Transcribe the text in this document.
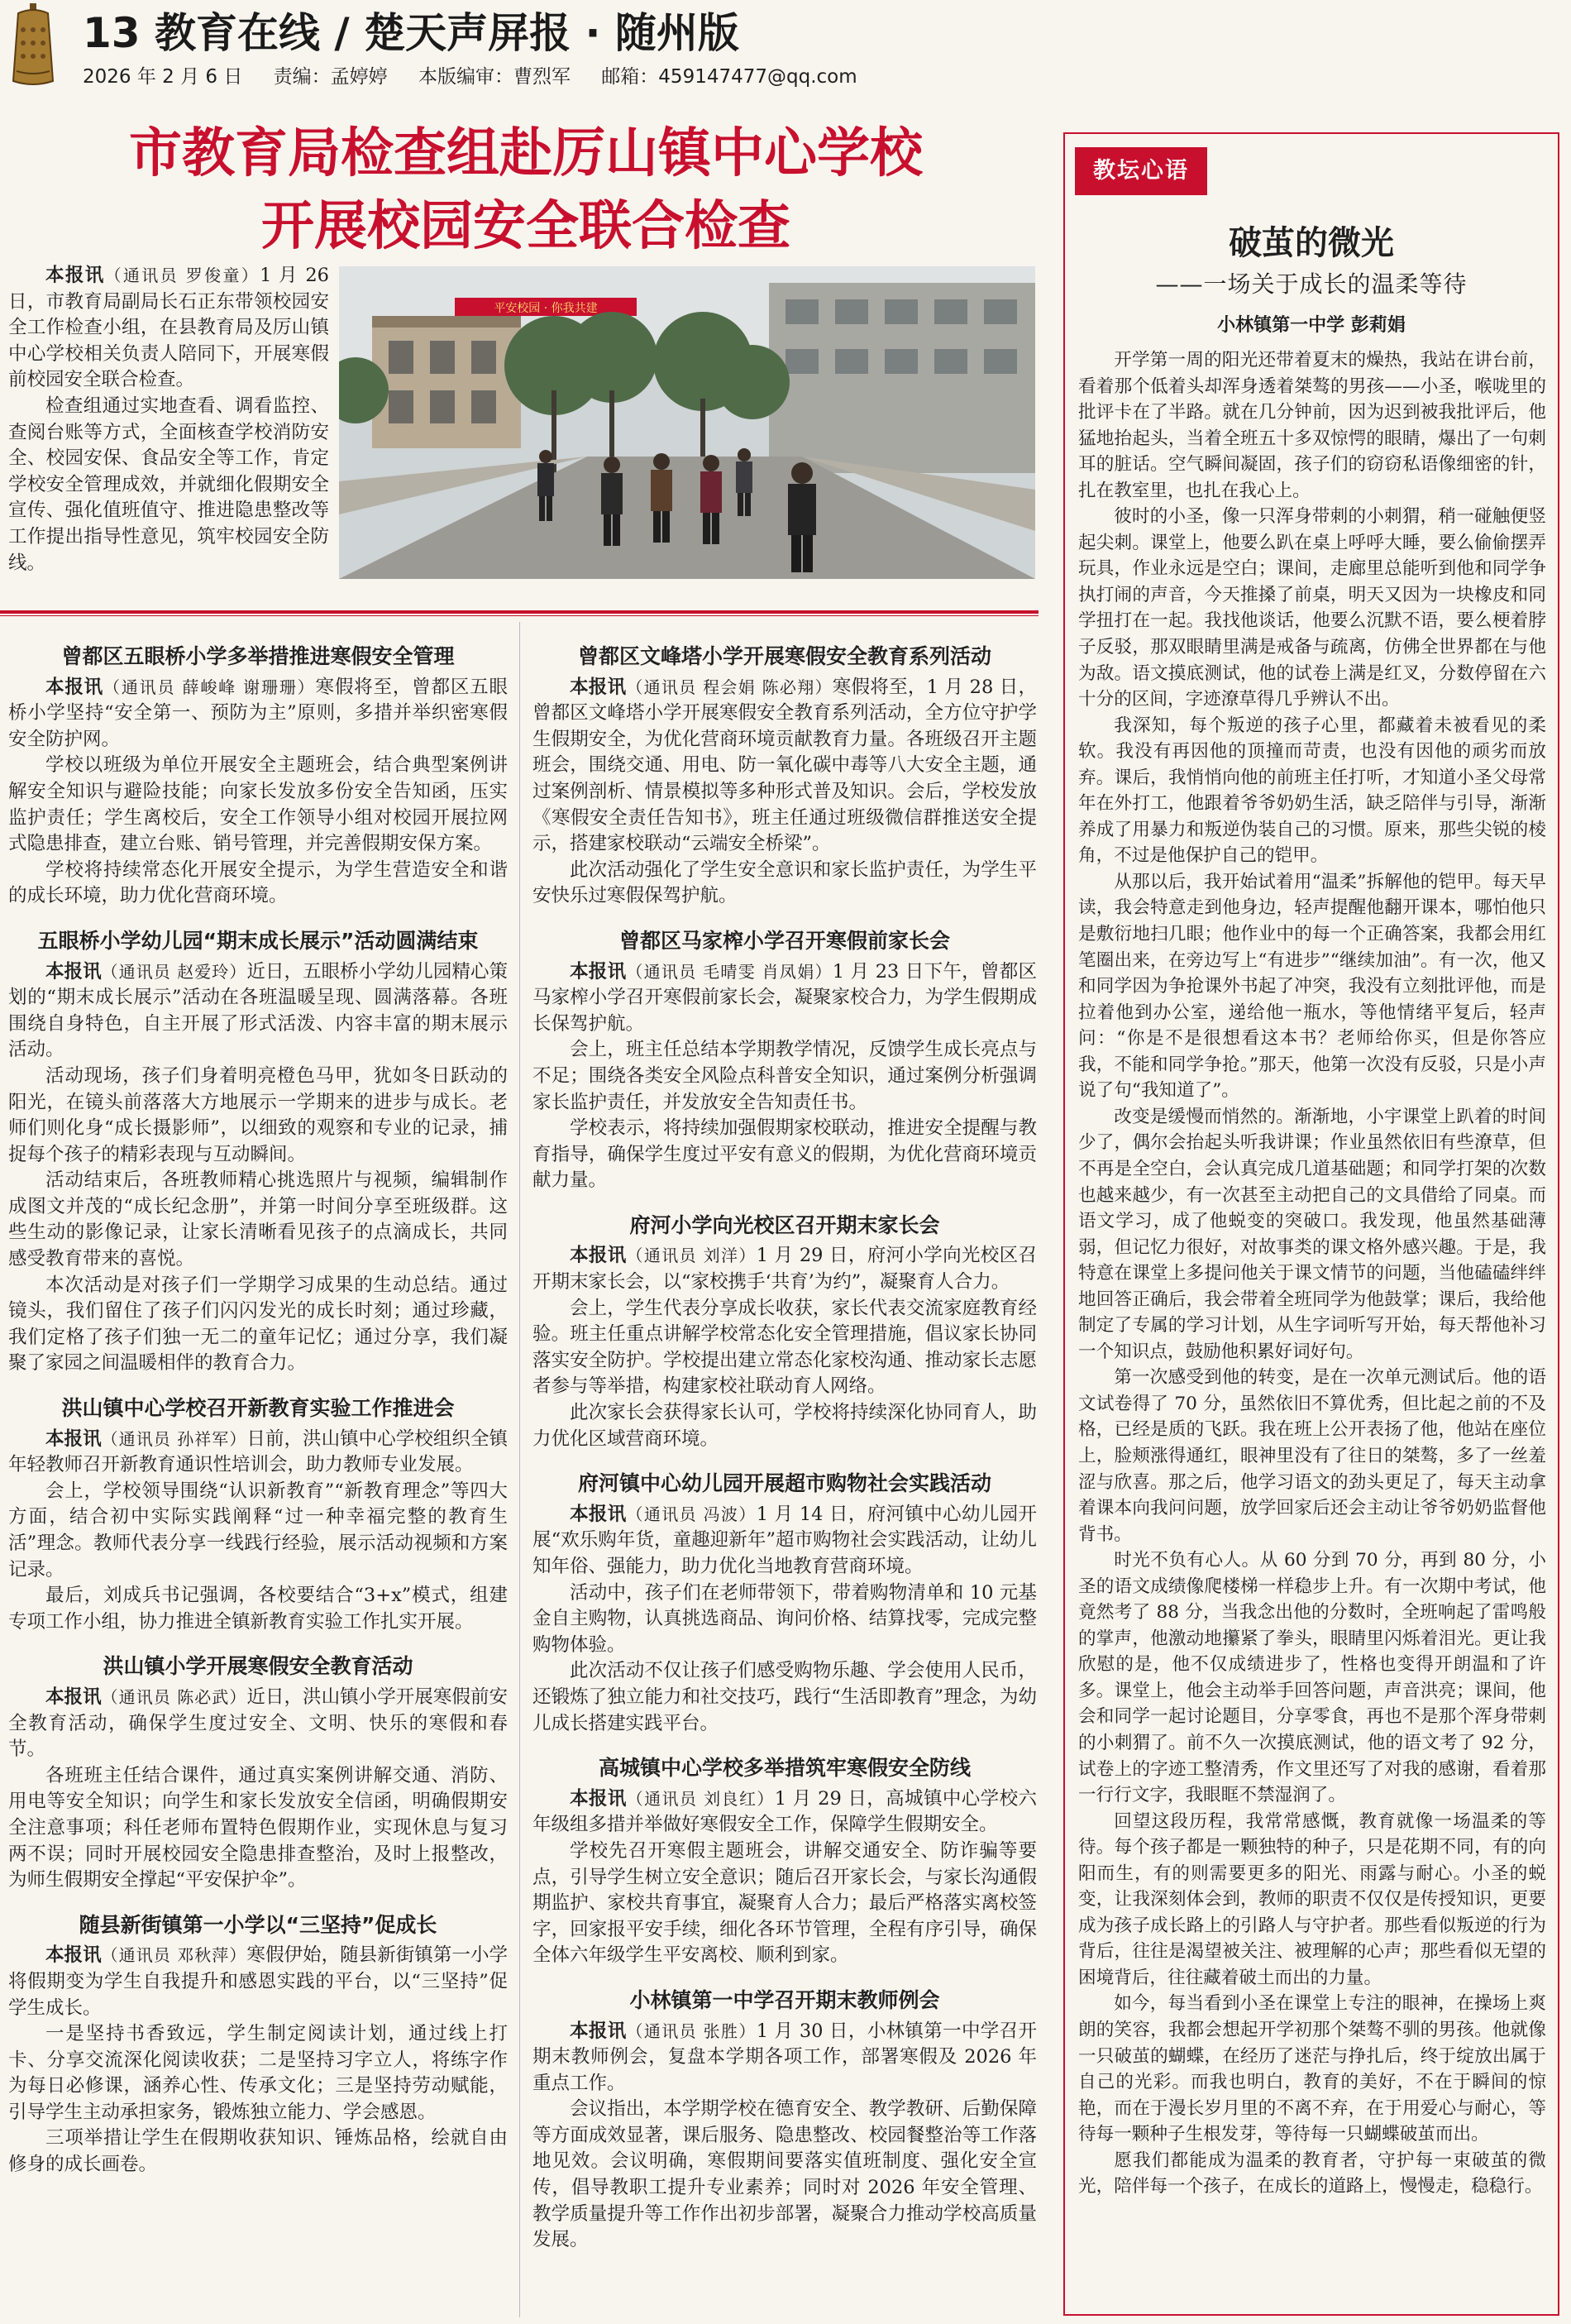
13 教育在线 / 楚天声屏报 · 随州版
2026 年 2 月 6 日 责编：孟婷婷 本版编审：曹烈军 邮箱：459147477@qq.com
市教育局检查组赴厉山镇中心学校
开展校园安全联合检查

本报讯（通讯员 罗俊童）1 月 26 日，市教育局副局长石正东带领校园安全工作检查小组，在县教育局及厉山镇中心学校相关负责人陪同下，开展寒假前校园安全联合检查。

检查组通过实地查看、调看监控、查阅台账等方式，全面核查学校消防安全、校园安保、食品安全等工作，肯定学校安全管理成效，并就细化假期安全宣传、强化值班值守、推进隐患整改等工作提出指导性意见，筑牢校园安全防线。

平安校园 · 你我共建

曾都区五眼桥小学多举措推进寒假安全管理

本报讯（通讯员 薛峻峰 谢珊珊）寒假将至，曾都区五眼桥小学坚持“安全第一、预防为主”原则，多措并举织密寒假安全防护网。

学校以班级为单位开展安全主题班会，结合典型案例讲解安全知识与避险技能；向家长发放多份安全告知函，压实监护责任；学生离校后，安全工作领导小组对校园开展拉网式隐患排查，建立台账、销号管理，并完善假期安保方案。

学校将持续常态化开展安全提示，为学生营造安全和谐的成长环境，助力优化营商环境。

五眼桥小学幼儿园“期末成长展示”活动圆满结束

本报讯（通讯员 赵爱玲）近日，五眼桥小学幼儿园精心策划的“期末成长展示”活动在各班温暖呈现、圆满落幕。各班围绕自身特色，自主开展了形式活泼、内容丰富的期末展示活动。

活动现场，孩子们身着明亮橙色马甲，犹如冬日跃动的阳光，在镜头前落落大方地展示一学期来的进步与成长。老师们则化身“成长摄影师”，以细致的观察和专业的记录，捕捉每个孩子的精彩表现与互动瞬间。

活动结束后，各班教师精心挑选照片与视频，编辑制作成图文并茂的“成长纪念册”，并第一时间分享至班级群。这些生动的影像记录，让家长清晰看见孩子的点滴成长，共同感受教育带来的喜悦。

本次活动是对孩子们一学期学习成果的生动总结。通过镜头，我们留住了孩子们闪闪发光的成长时刻；通过珍藏，我们定格了孩子们独一无二的童年记忆；通过分享，我们凝聚了家园之间温暖相伴的教育合力。

洪山镇中心学校召开新教育实验工作推进会

本报讯（通讯员 孙祥军）日前，洪山镇中心学校组织全镇年轻教师召开新教育通识性培训会，助力教师专业发展。

会上，学校领导围绕“认识新教育”“新教育理念”等四大方面，结合初中实际实践阐释“过一种幸福完整的教育生活”理念。教师代表分享一线践行经验，展示活动视频和方案记录。

最后，刘成兵书记强调，各校要结合“3+x”模式，组建专项工作小组，协力推进全镇新教育实验工作扎实开展。

洪山镇小学开展寒假安全教育活动

本报讯（通讯员 陈必武）近日，洪山镇小学开展寒假前安全教育活动，确保学生度过安全、文明、快乐的寒假和春节。

各班班主任结合课件，通过真实案例讲解交通、消防、用电等安全知识；向学生和家长发放安全信函，明确假期安全注意事项；科任老师布置特色假期作业，实现休息与复习两不误；同时开展校园安全隐患排查整治，及时上报整改，为师生假期安全撑起“平安保护伞”。

随县新街镇第一小学以“三坚持”促成长

本报讯（通讯员 邓秋萍）寒假伊始，随县新街镇第一小学将假期变为学生自我提升和感恩实践的平台，以“三坚持”促学生成长。

一是坚持书香致远，学生制定阅读计划，通过线上打卡、分享交流深化阅读收获；二是坚持习字立人，将练字作为每日必修课，涵养心性、传承文化；三是坚持劳动赋能，引导学生主动承担家务，锻炼独立能力、学会感恩。

三项举措让学生在假期收获知识、锤炼品格，绘就自由修身的成长画卷。

曾都区文峰塔小学开展寒假安全教育系列活动

本报讯（通讯员 程会娟 陈必翔）寒假将至，1 月 28 日，曾都区文峰塔小学开展寒假安全教育系列活动，全方位守护学生假期安全，为优化营商环境贡献教育力量。各班级召开主题班会，围绕交通、用电、防一氧化碳中毒等八大安全主题，通过案例剖析、情景模拟等多种形式普及知识。会后，学校发放《寒假安全责任告知书》，班主任通过班级微信群推送安全提示，搭建家校联动“云端安全桥梁”。

此次活动强化了学生安全意识和家长监护责任，为学生平安快乐过寒假保驾护航。

曾都区马家榨小学召开寒假前家长会

本报讯（通讯员 毛晴雯 肖凤娟）1 月 23 日下午，曾都区马家榨小学召开寒假前家长会，凝聚家校合力，为学生假期成长保驾护航。

会上，班主任总结本学期教学情况，反馈学生成长亮点与不足；围绕各类安全风险点科普安全知识，通过案例分析强调家长监护责任，并发放安全告知责任书。

学校表示，将持续加强假期家校联动，推进安全提醒与教育指导，确保学生度过平安有意义的假期，为优化营商环境贡献力量。

府河小学向光校区召开期末家长会

本报讯（通讯员 刘洋）1 月 29 日，府河小学向光校区召开期末家长会，以“家校携手‘共育’为约”，凝聚育人合力。

会上，学生代表分享成长收获，家长代表交流家庭教育经验。班主任重点讲解学校常态化安全管理措施，倡议家长协同落实安全防护。学校提出建立常态化家校沟通、推动家长志愿者参与等举措，构建家校社联动育人网络。

此次家长会获得家长认可，学校将持续深化协同育人，助力优化区域营商环境。

府河镇中心幼儿园开展超市购物社会实践活动

本报讯（通讯员 冯波）1 月 14 日，府河镇中心幼儿园开展“欢乐购年货，童趣迎新年”超市购物社会实践活动，让幼儿知年俗、强能力，助力优化当地教育营商环境。

活动中，孩子们在老师带领下，带着购物清单和 10 元基金自主购物，认真挑选商品、询问价格、结算找零，完成完整购物体验。

此次活动不仅让孩子们感受购物乐趣、学会使用人民币，还锻炼了独立能力和社交技巧，践行“生活即教育”理念，为幼儿成长搭建实践平台。

高城镇中心学校多举措筑牢寒假安全防线

本报讯（通讯员 刘良红）1 月 29 日，高城镇中心学校六年级组多措并举做好寒假安全工作，保障学生假期安全。

学校先召开寒假主题班会，讲解交通安全、防诈骗等要点，引导学生树立安全意识；随后召开家长会，与家长沟通假期监护、家校共育事宜，凝聚育人合力；最后严格落实离校签字，回家报平安手续，细化各环节管理，全程有序引导，确保全体六年级学生平安离校、顺利到家。

小林镇第一中学召开期末教师例会

本报讯（通讯员 张胜）1 月 30 日，小林镇第一中学召开期末教师例会，复盘本学期各项工作，部署寒假及 2026 年重点工作。

会议指出，本学期学校在德育安全、教学教研、后勤保障等方面成效显著，课后服务、隐患整改、校园餐整治等工作落地见效。会议明确，寒假期间要落实值班制度、强化安全宣传，倡导教职工提升专业素养；同时对 2026 年安全管理、教学质量提升等工作作出初步部署，凝聚合力推动学校高质量发展。

教坛心语
破茧的微光
——一场关于成长的温柔等待
小林镇第一中学 彭莉娟

开学第一周的阳光还带着夏末的燥热，我站在讲台前，看着那个低着头却浑身透着桀骜的男孩——小圣，喉咙里的批评卡在了半路。就在几分钟前，因为迟到被我批评后，他猛地抬起头，当着全班五十多双惊愕的眼睛，爆出了一句刺耳的脏话。空气瞬间凝固，孩子们的窃窃私语像细密的针，扎在教室里，也扎在我心上。

彼时的小圣，像一只浑身带刺的小刺猬，稍一碰触便竖起尖刺。课堂上，他要么趴在桌上呼呼大睡，要么偷偷摆弄玩具，作业永远是空白；课间，走廊里总能听到他和同学争执打闹的声音，今天推搡了前桌，明天又因为一块橡皮和同学扭打在一起。我找他谈话，他要么沉默不语，要么梗着脖子反驳，那双眼睛里满是戒备与疏离，仿佛全世界都在与他为敌。语文摸底测试，他的试卷上满是红叉，分数停留在六十分的区间，字迹潦草得几乎辨认不出。

我深知，每个叛逆的孩子心里，都藏着未被看见的柔软。我没有再因他的顶撞而苛责，也没有因他的顽劣而放弃。课后，我悄悄向他的前班主任打听，才知道小圣父母常年在外打工，他跟着爷爷奶奶生活，缺乏陪伴与引导，渐渐养成了用暴力和叛逆伪装自己的习惯。原来，那些尖锐的棱角，不过是他保护自己的铠甲。

从那以后，我开始试着用“温柔”拆解他的铠甲。每天早读，我会特意走到他身边，轻声提醒他翻开课本，哪怕他只是敷衍地扫几眼；他作业中的每一个正确答案，我都会用红笔圈出来，在旁边写上“有进步”“继续加油”。有一次，他又和同学因为争抢课外书起了冲突，我没有立刻批评他，而是拉着他到办公室，递给他一瓶水，等他情绪平复后，轻声问：“你是不是很想看这本书？老师给你买，但是你答应我，不能和同学争抢。”那天，他第一次没有反驳，只是小声说了句“我知道了”。

改变是缓慢而悄然的。渐渐地，小宇课堂上趴着的时间少了，偶尔会抬起头听我讲课；作业虽然依旧有些潦草，但不再是全空白，会认真完成几道基础题；和同学打架的次数也越来越少，有一次甚至主动把自己的文具借给了同桌。而语文学习，成了他蜕变的突破口。我发现，他虽然基础薄弱，但记忆力很好，对故事类的课文格外感兴趣。于是，我特意在课堂上多提问他关于课文情节的问题，当他磕磕绊绊地回答正确后，我会带着全班同学为他鼓掌；课后，我给他制定了专属的学习计划，从生字词听写开始，每天帮他补习一个知识点，鼓励他积累好词好句。

第一次感受到他的转变，是在一次单元测试后。他的语文试卷得了 70 分，虽然依旧不算优秀，但比起之前的不及格，已经是质的飞跃。我在班上公开表扬了他，他站在座位上，脸颊涨得通红，眼神里没有了往日的桀骜，多了一丝羞涩与欣喜。那之后，他学习语文的劲头更足了，每天主动拿着课本向我问问题，放学回家后还会主动让爷爷奶奶监督他背书。

时光不负有心人。从 60 分到 70 分，再到 80 分，小圣的语文成绩像爬楼梯一样稳步上升。有一次期中考试，他竟然考了 88 分，当我念出他的分数时，全班响起了雷鸣般的掌声，他激动地攥紧了拳头，眼睛里闪烁着泪光。更让我欣慰的是，他不仅成绩进步了，性格也变得开朗温和了许多。课堂上，他会主动举手回答问题，声音洪亮；课间，他会和同学一起讨论题目，分享零食，再也不是那个浑身带刺的小刺猬了。前不久一次摸底测试，他的语文考了 92 分，试卷上的字迹工整清秀，作文里还写了对我的感谢，看着那一行行文字，我眼眶不禁湿润了。

回望这段历程，我常常感慨，教育就像一场温柔的等待。每个孩子都是一颗独特的种子，只是花期不同，有的向阳而生，有的则需要更多的阳光、雨露与耐心。小圣的蜕变，让我深刻体会到，教师的职责不仅仅是传授知识，更要成为孩子成长路上的引路人与守护者。那些看似叛逆的行为背后，往往是渴望被关注、被理解的心声；那些看似无望的困境背后，往往藏着破土而出的力量。

如今，每当看到小圣在课堂上专注的眼神，在操场上爽朗的笑容，我都会想起开学初那个桀骜不驯的男孩。他就像一只破茧的蝴蝶，在经历了迷茫与挣扎后，终于绽放出属于自己的光彩。而我也明白，教育的美好，不在于瞬间的惊艳，而在于漫长岁月里的不离不弃，在于用爱心与耐心，等待每一颗种子生根发芽，等待每一只蝴蝶破茧而出。

愿我们都能成为温柔的教育者，守护每一束破茧的微光，陪伴每一个孩子，在成长的道路上，慢慢走，稳稳行。
